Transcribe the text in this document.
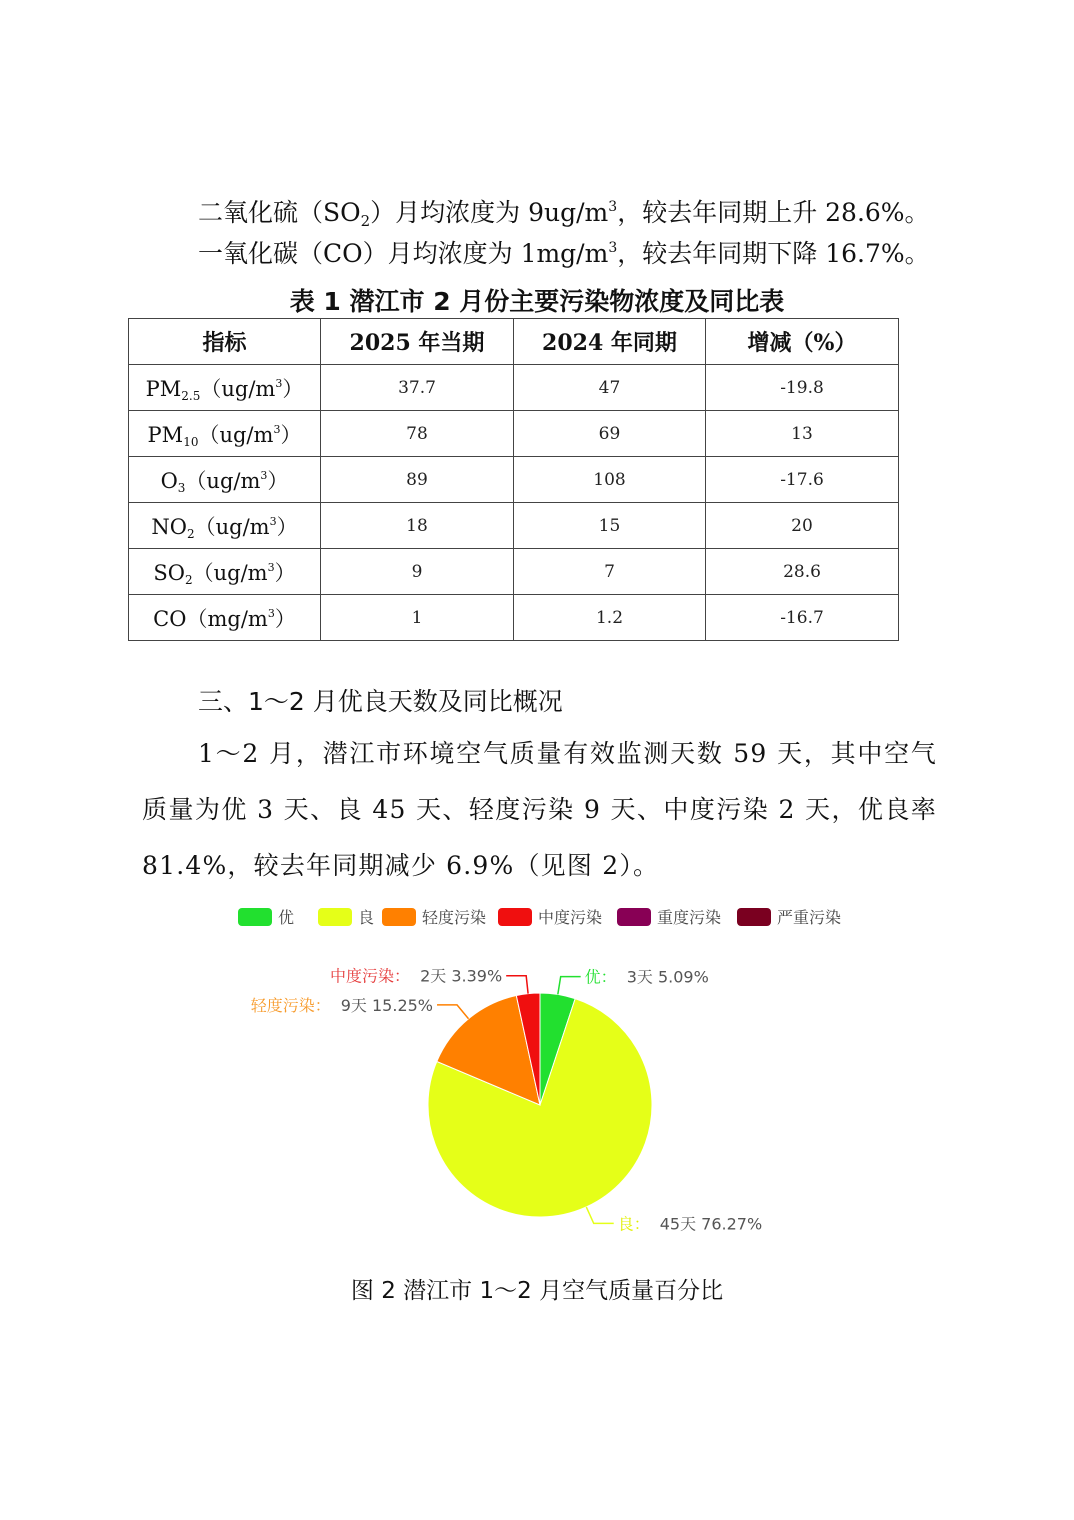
二氧化硫$(SO_2)$月均浓度为 $9ug/m^3$，较去年同期上升 28.6%。
一氧化碳（CO）月均浓度为 $1mg/m^3$，较去年同期下降 16.7%。
表 1 潜江市 2 月份主要污染物浓度及同比表
指标	2025 年当期	2024 年同期	增减（%）
$PM_{2.5}(ug/m^3)$	37.7	47	-19.8
$PM_{10}(ug/m^3)$	78	69	13
$O_3(ug/m^3)$	89	108	-17.6
$NO_2(ug/m^3)$	18	15	20
$SO_2(ug/m^3)$	9	7	28.6
$CO(mg/m^3)$	1	1.2	-16.7
三、1～2 月优良天数及同比概况
1～2 月，潜江市环境空气质量有效监测天数 59 天，其中空气质量为优 3 天、良 45 天、轻度污染 9 天、中度污染 2 天，优良率 81.4%，较去年同期减少 6.9%（见图 2）。
优	良	轻度污染	中度污染	重度污染	严重污染
优： 3天 5.09%
良： 45天 76.27%
轻度污染： 9天 15.25%
中度污染： 2天 3.39%
图 2 潜江市 1～2 月空气质量百分比
